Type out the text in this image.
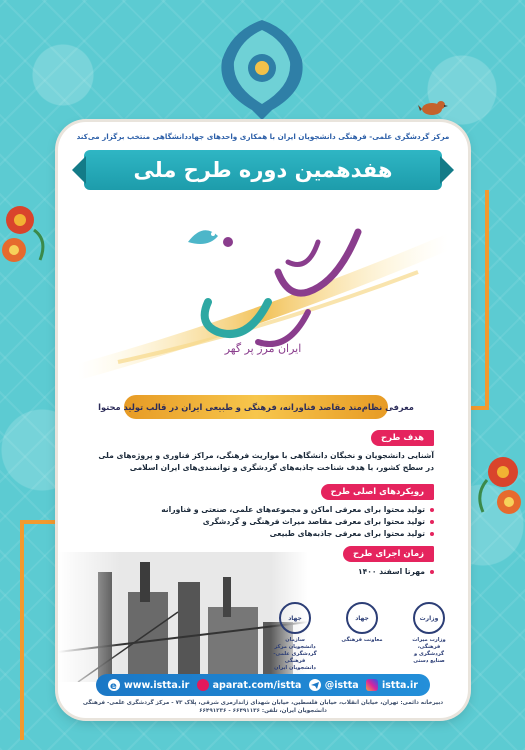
مرکز گردشگری علمی- فرهنگی دانشجویان ایران با همکاری واحدهای جهاددانشگاهی منتخب برگزار می‌کند
هفدهمین دوره طرح ملی
ایران مرز پر گهر
معرفی نظام‌مند مقاصد فناورانه، فرهنگی و طبیعی ایران در قالب تولید محتوا
هدف طرح
آشنایی دانشجویان و نخبگان دانشگاهی با مواریث فرهنگی، مراکز فناوری و پروژه‌های ملی در سطح کشور، با هدف شناخت جاذبه‌های گردشگری و توانمندی‌های ایران اسلامی
رویکردهای اصلی طرح
تولید محتوا برای معرفی اماکن و مجموعه‌های علمی، صنعتی و فناورانه
تولید محتوا برای معرفی مقاصد میراث فرهنگی و گردشگری
تولید محتوا برای معرفی جاذبه‌های طبیعی
زمان اجرای طرح
مهرتا اسفند ۱۴۰۰
وزارت
وزارت میراث فرهنگی، گردشگری و صنایع دستی
جهاد
معاونت فرهنگی
جهاد
سازمان دانشجویان مرکز گردشگری علمی- فرهنگی دانشجویان ایران
e www.istta.ir aparat.com/istta @istta istta.ir
دبیرخانه دائمی: تهران، خیابان انقلاب، خیابان فلسطین، خیابان شهدای ژاندارمری شرقی، پلاک ۷۳ - مرکز گردشگری علمی- فرهنگی دانشجویان ایران، تلفن: ۶۶۴۹۱۱۳۶ - ۶۶۴۹۱۲۳۶
